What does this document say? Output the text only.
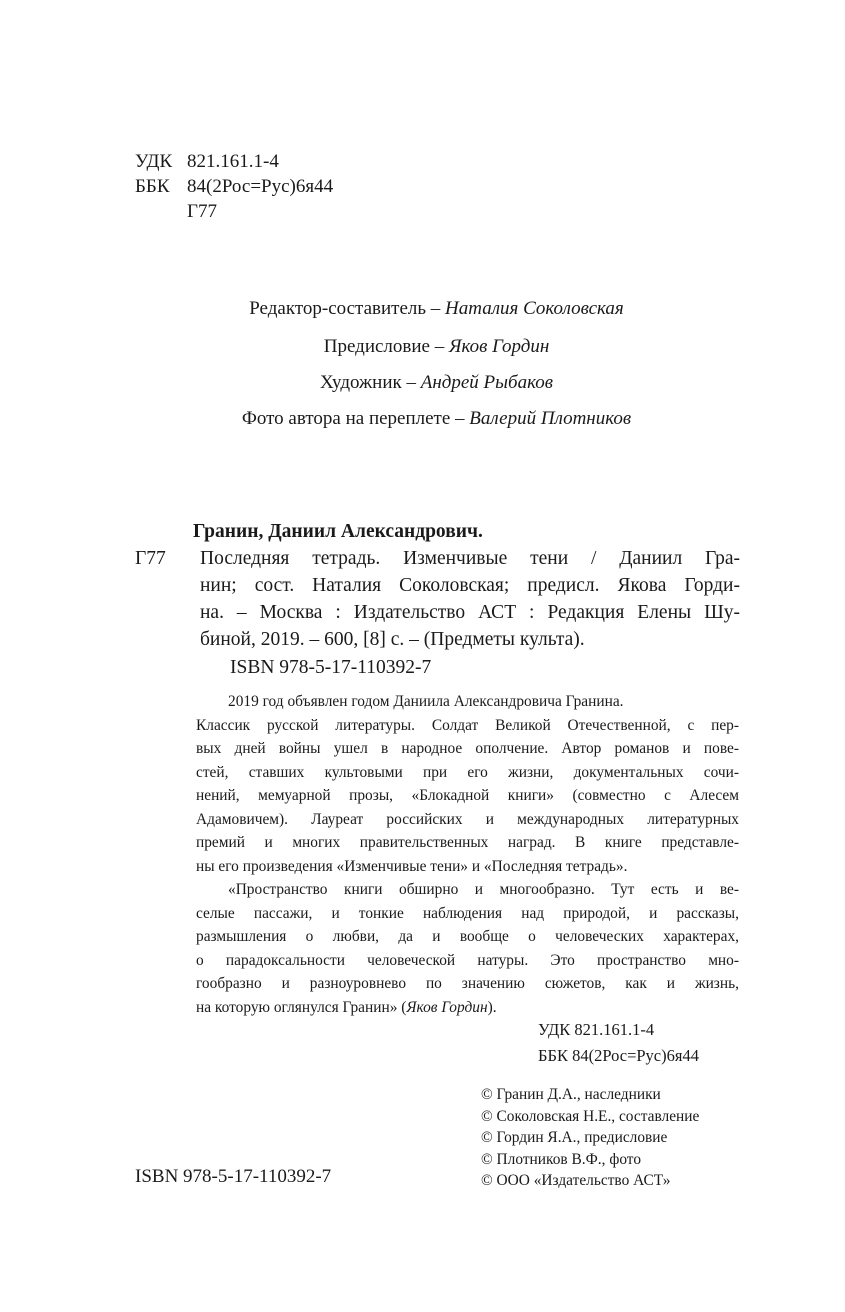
УДК 821.161.1-4
ББК 84(2Рос=Рус)6я44
Г77
Редактор-составитель – Наталия Соколовская
Предисловие – Яков Гордин
Художник – Андрей Рыбаков
Фото автора на переплете – Валерий Плотников
Гранин, Даниил Александрович.
Г77 Последняя тетрадь. Изменчивые тени / Даниил Гра-
нин; сост. Наталия Соколовская; предисл. Якова Горди-
на. – Москва : Издательство АСТ : Редакция Елены Шу-
биной, 2019. – 600, [8] с. – (Предметы культа).
ISBN 978-5-17-110392-7
2019 год объявлен годом Даниила Александровича Гранина.
Классик русской литературы. Солдат Великой Отечественной, с пер-
вых дней войны ушел в народное ополчение. Автор романов и пове-
стей, ставших культовыми при его жизни, документальных сочи-
нений, мемуарной прозы, «Блокадной книги» (совместно с Алесем
Адамовичем). Лауреат российских и международных литературных
премий и многих правительственных наград. В книге представле-
ны его произведения «Изменчивые тени» и «Последняя тетрадь».
«Пространство книги обширно и многообразно. Тут есть и ве-
селые пассажи, и тонкие наблюдения над природой, и рассказы,
размышления о любви, да и вообще о человеческих характерах,
о парадоксальности человеческой натуры. Это пространство мно-
гообразно и разноуровнево по значению сюжетов, как и жизнь,
на которую оглянулся Гранин» (Яков Гордин).
УДК 821.161.1-4
ББК 84(2Рос=Рус)6я44
© Гранин Д.А., наследники
© Соколовская Н.Е., составление
© Гордин Я.А., предисловие
© Плотников В.Ф., фото
© ООО «Издательство АСТ»
ISBN 978-5-17-110392-7
